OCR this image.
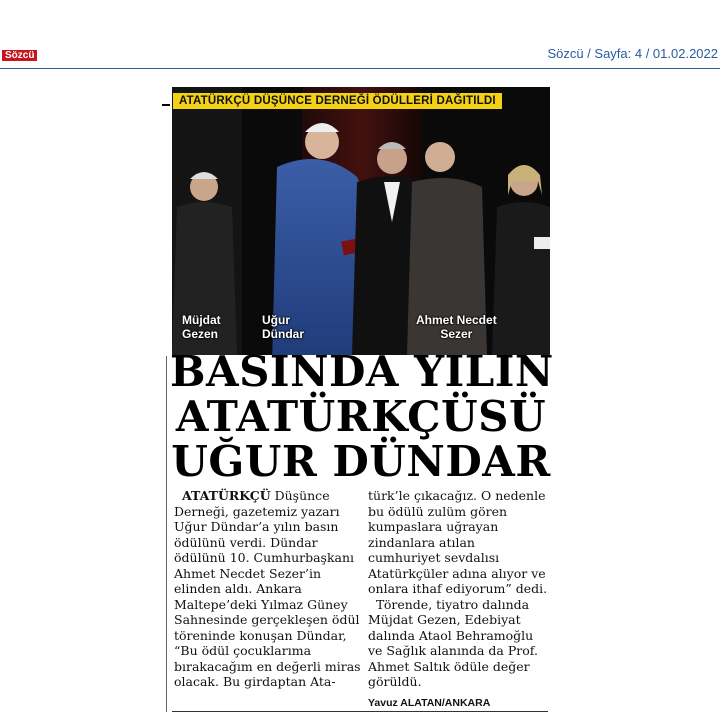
Sözcü	Sözcü / Sayfa: 4 / 01.02.2022
ATATÜRKÇÜ DÜŞÜNCE DERNEĞİ ÖDÜLLERİ DAĞITILDI
Müjdat
Gezen
Uğur
Dündar
Ahmet Necdet
Sezer
BASINDA YILIN
ATATÜRKÇÜSÜ
UĞUR DÜNDAR

ATATÜRKÇÜ Düşünce Derneği, gazetemiz yazarı Uğur Dündar’a yılın basın ödülünü verdi. Dündar ödülünü 10. Cumhurbaşkanı Ahmet Necdet Sezer’in elinden aldı. Ankara Maltepe’deki Yılmaz Güney Sahnesinde gerçekleşen ödül töreninde konuşan Dündar, “Bu ödül çocuklarıma bırakacağım en değerli miras olacak. Bu girdaptan Ata-

türk’le çıkacağız. O nedenle bu ödülü zulüm gören kumpaslara uğrayan zindanlara atılan cumhuriyet sevdalısı Atatürkçüler adına alıyor ve onlara ithaf ediyorum” dedi.

Törende, tiyatro dalında Müjdat Gezen, Edebiyat dalında Ataol Behramoğlu ve Sağlık alanında da Prof. Ahmet Saltık ödüle değer görüldü.

Yavuz ALATAN/ANKARA
